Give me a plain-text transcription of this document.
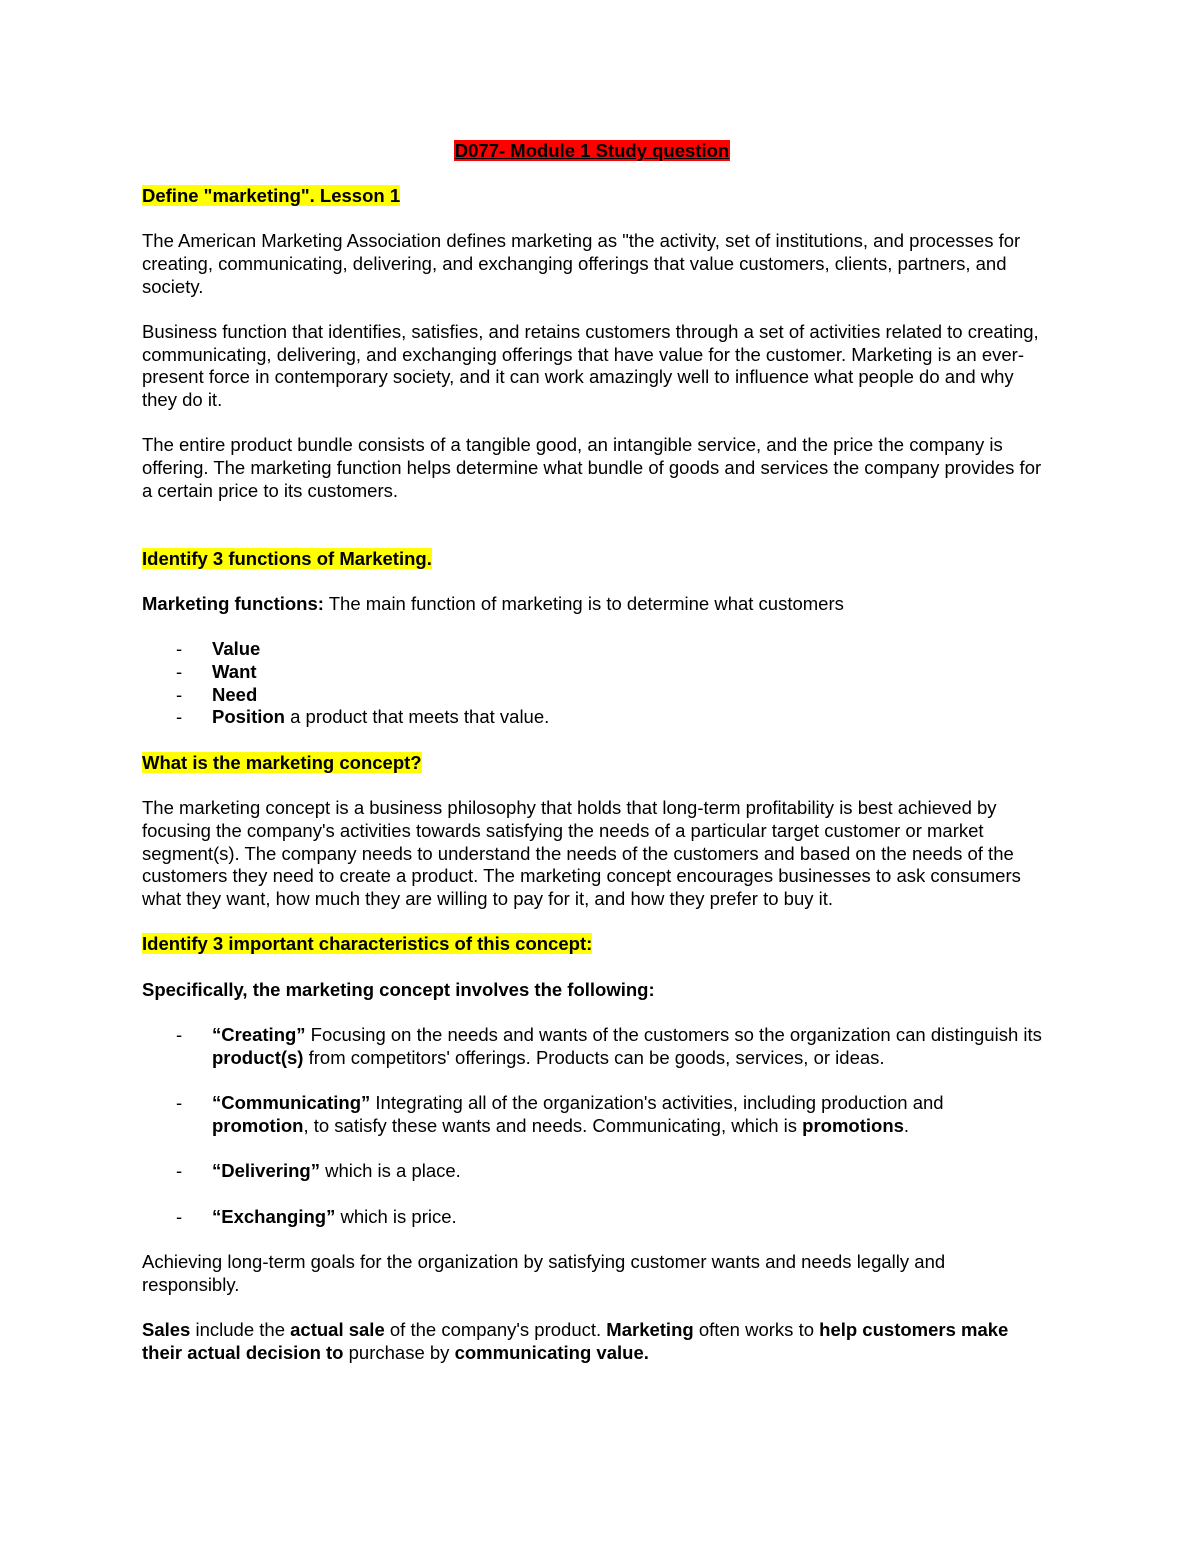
D077- Module 1 Study question
Define "marketing". Lesson 1

The American Marketing Association defines marketing as "the activity, set of institutions, and processes for creating, communicating, delivering, and exchanging offerings that value customers, clients, partners, and society.

Business function that identifies, satisfies, and retains customers through a set of activities related to creating, communicating, delivering, and exchanging offerings that have value for the customer. Marketing is an ever-present force in contemporary society, and it can work amazingly well to influence what people do and why they do it.

The entire product bundle consists of a tangible good, an intangible service, and the price the company is offering. The marketing function helps determine what bundle of goods and services the company provides for a certain price to its customers.

Identify 3 functions of Marketing.

Marketing functions: The main function of marketing is to determine what customers

- Value
- Want
- Need
- Position a product that meets that value.
What is the marketing concept?

The marketing concept is a business philosophy that holds that long-term profitability is best achieved by focusing the company's activities towards satisfying the needs of a particular target customer or market segment(s). The company needs to understand the needs of the customers and based on the needs of the customers they need to create a product. The marketing concept encourages businesses to ask consumers what they want, how much they are willing to pay for it, and how they prefer to buy it.

Identify 3 important characteristics of this concept:

Specifically, the marketing concept involves the following:

- “Creating” Focusing on the needs and wants of the customers so the organization can distinguish its product(s) from competitors' offerings. Products can be goods, services, or ideas.
- “Communicating” Integrating all of the organization's activities, including production and promotion, to satisfy these wants and needs. Communicating, which is promotions.
- “Delivering” which is a place.
- “Exchanging” which is price.

Achieving long-term goals for the organization by satisfying customer wants and needs legally and responsibly.

Sales include the actual sale of the company's product. Marketing often works to help customers make their actual decision to purchase by communicating value.
